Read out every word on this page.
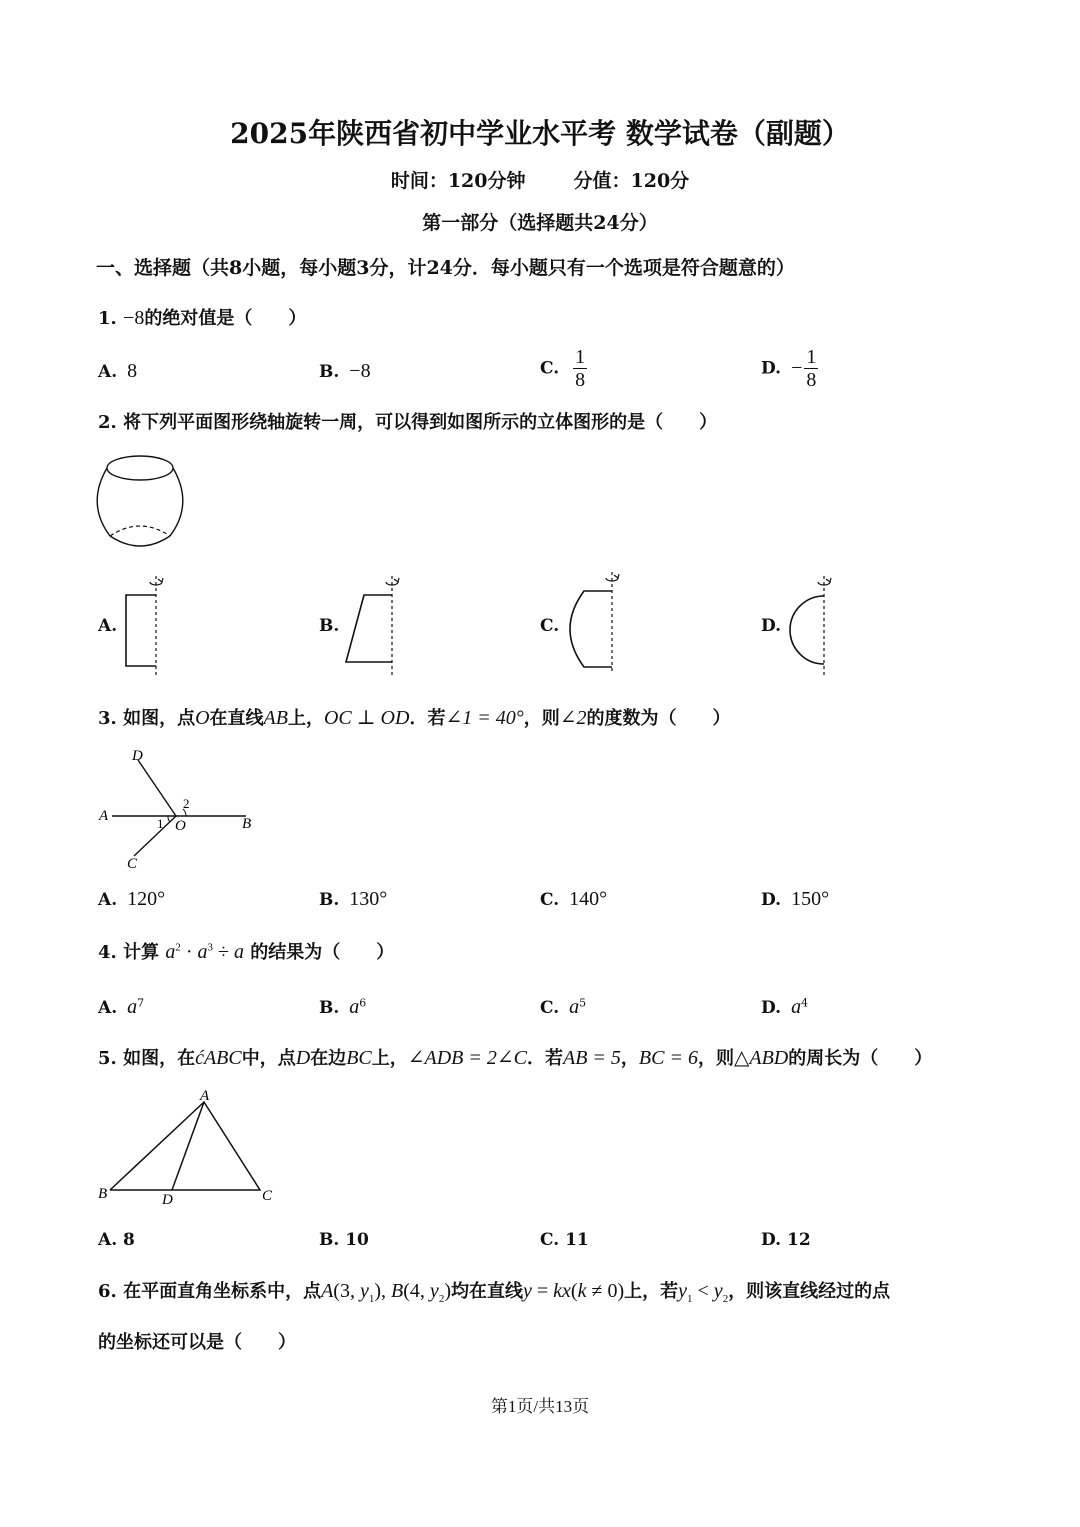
2025年陕西省初中学业水平考 数学试卷（副题）
时间：120分钟	分值：120分
第一部分（选择题共24分）
一、选择题（共8小题，每小题3分，计24分．每小题只有一个选项是符合题意的）
1. −8的绝对值是（　　）
A. 8	B. −8	C. $\frac{1}{8}$	D. − $\frac{1}{8}$
2. 将下列平面图形绕轴旋转一周，可以得到如图所示的立体图形的是（　　）
A.	B.	C.	D.
3. 如图，点O在直线AB上，OC ⊥ OD．若∠1 = 40°，则∠2的度数为（　　）
D
2
A	1 O	B
C
A. 120°	B. 130°	C. 140°	D. 150°
4. 计算 $a^2 \cdot a^3 \div a$ 的结果为（　　）
A. $a^7$	B. $a^6$	C. $a^5$	D. $a^4$
5. 如图，在ćABC中，点D在边BC上，∠ADB = 2∠C．若AB = 5，BC = 6，则△ABD的周长为（　　）
A
B	D	C
A. 8	B. 10	C. 11	D. 12
6. 在平面直角坐标系中，点A(3, $y_1$), B(4, $y_2$)均在直线y = kx(k ≠ 0)上，若$y_1 < y_2$，则该直线经过的点
的坐标还可以是（　　）
第1页/共13页
